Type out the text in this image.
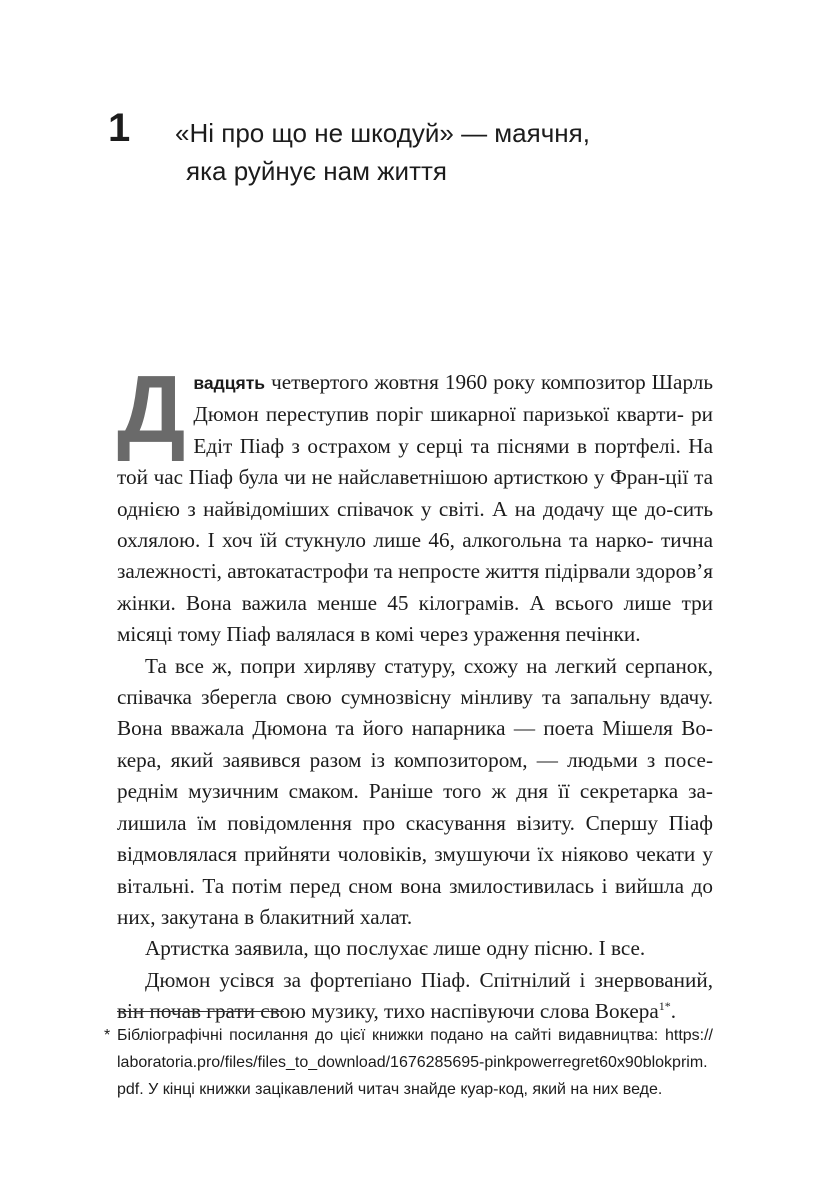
1 «Ні про що не шкодуй» — маячня,
яка руйнує нам життя
Д вадцять четвертого жовтня 1960 року композитор Шарль Дюмон переступив поріг шикарної паризької кварти- ри Едіт Піаф з острахом у серці та піснями в портфелі. На той час Піаф була чи не найславетнішою артисткою у Фран-ції та однією з найвідоміших співачок у світі. А на додачу ще до-сить охлялою. І хоч їй стукнуло лише 46, алкогольна та нарко- тична залежності, автокатастрофи та непросте життя підірвали здоров’я жінки. Вона важила менше 45 кілограмів. А всього лише три місяці тому Піаф валялася в комі через ураження печінки.

Та все ж, попри хирляву статуру, схожу на легкий серпанок, співачка зберегла свою сумнозвісну мінливу та запальну вдачу. Вона вважала Дюмона та його напарника — поета Мішеля Во-кера, який заявився разом із композитором, — людьми з посе-реднім музичним смаком. Раніше того ж дня її секретарка за- лишила їм повідомлення про скасування візиту. Спершу Піаф відмовлялася прийняти чоловіків, змушуючи їх ніяково чекати у вітальні. Та потім перед сном вона змилостивилась і вийшла до них, закутана в блакитний халат.

Артистка заявила, що послухає лише одну пісню. І все.

Дюмон усівся за фортепіано Піаф. Спітнілий і знервований, він почав грати свою музику, тихо наспівуючи слова Вокера$^{1*}$.

* Бібліографічні посилання до цієї книжки подано на сайті видавництва: https://
laboratoria.pro/files/files_to_download/1676285695-pinkpowerregret60x90blokprim.
pdf. У кінці книжки зацікавлений читач знайде куар-код, який на них веде.
